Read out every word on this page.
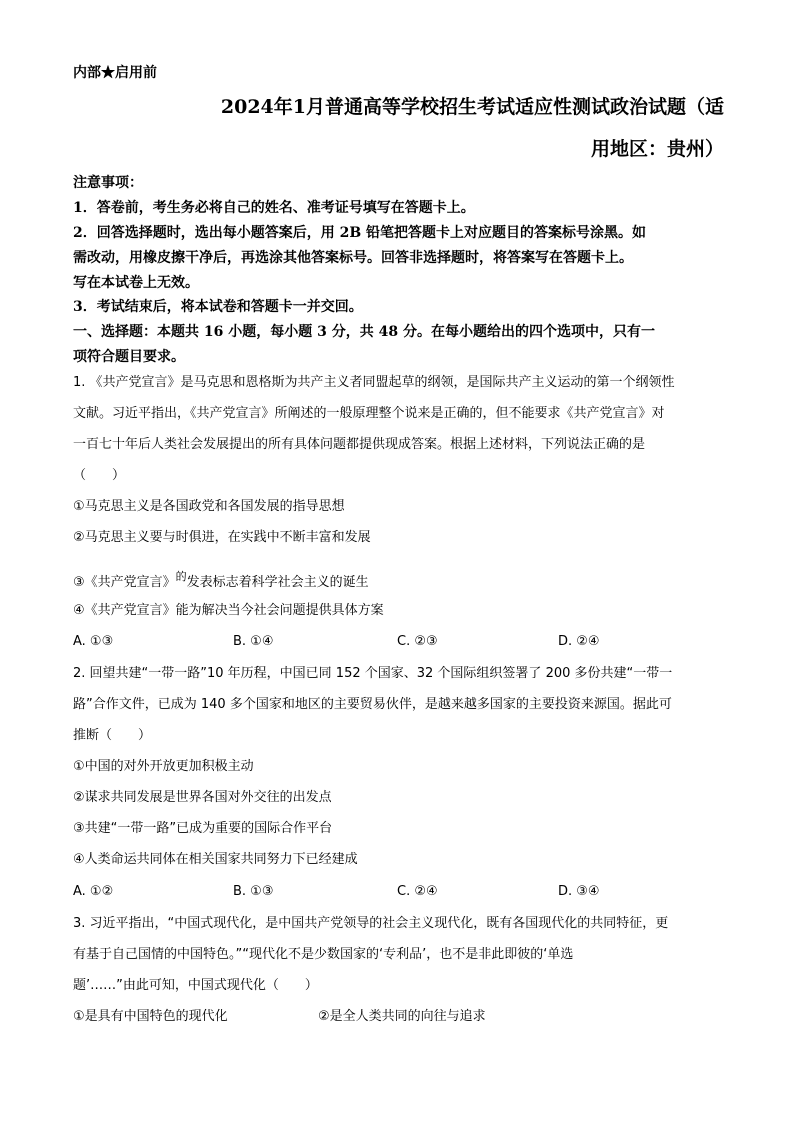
内部★启用前
2024年1月普通高等学校招生考试适应性测试政治试题（适
用地区：贵州）
注意事项：
1．答卷前，考生务必将自己的姓名、准考证号填写在答题卡上。
2．回答选择题时，选出每小题答案后，用 2B 铅笔把答题卡上对应题目的答案标号涂黑。如
需改动，用橡皮擦干净后，再选涂其他答案标号。回答非选择题时，将答案写在答题卡上。
写在本试卷上无效。
3．考试结束后，将本试卷和答题卡一并交回。
一、选择题：本题共 16 小题，每小题 3 分，共 48 分。在每小题给出的四个选项中，只有一
项符合题目要求。
1. 《共产党宣言》是马克思和恩格斯为共产主义者同盟起草的纲领，是国际共产主义运动的第一个纲领性
文献。习近平指出，《共产党宣言》所阐述的一般原理整个说来是正确的，但不能要求《共产党宣言》对
一百七十年后人类社会发展提出的所有具体问题都提供现成答案。根据上述材料，下列说法正确的是
（　　）
①马克思主义是各国政党和各国发展的指导思想
②马克思主义要与时俱进，在实践中不断丰富和发展
③《共产党宣言》$^的$发表标志着科学社会主义的诞生
④《共产党宣言》能为解决当今社会问题提供具体方案
A. ①③	B. ①④	C. ②③	D. ②④
2. 回望共建“一带一路”10 年历程，中国已同 152 个国家、32 个国际组织签署了 200 多份共建“一带一
路”合作文件，已成为 140 多个国家和地区的主要贸易伙伴，是越来越多国家的主要投资来源国。据此可
推断（　　）
①中国的对外开放更加积极主动
②谋求共同发展是世界各国对外交往的出发点
③共建“一带一路”已成为重要的国际合作平台
④人类命运共同体在相关国家共同努力下已经建成
A. ①②	B. ①③	C. ②④	D. ③④
3. 习近平指出，“中国式现代化，是中国共产党领导的社会主义现代化，既有各国现代化的共同特征，更
有基于自己国情的中国特色。”“现代化不是少数国家的‘专利品’，也不是非此即彼的‘单选
题’……”由此可知，中国式现代化（　　）
①是具有中国特色的现代化	②是全人类共同的向往与追求
